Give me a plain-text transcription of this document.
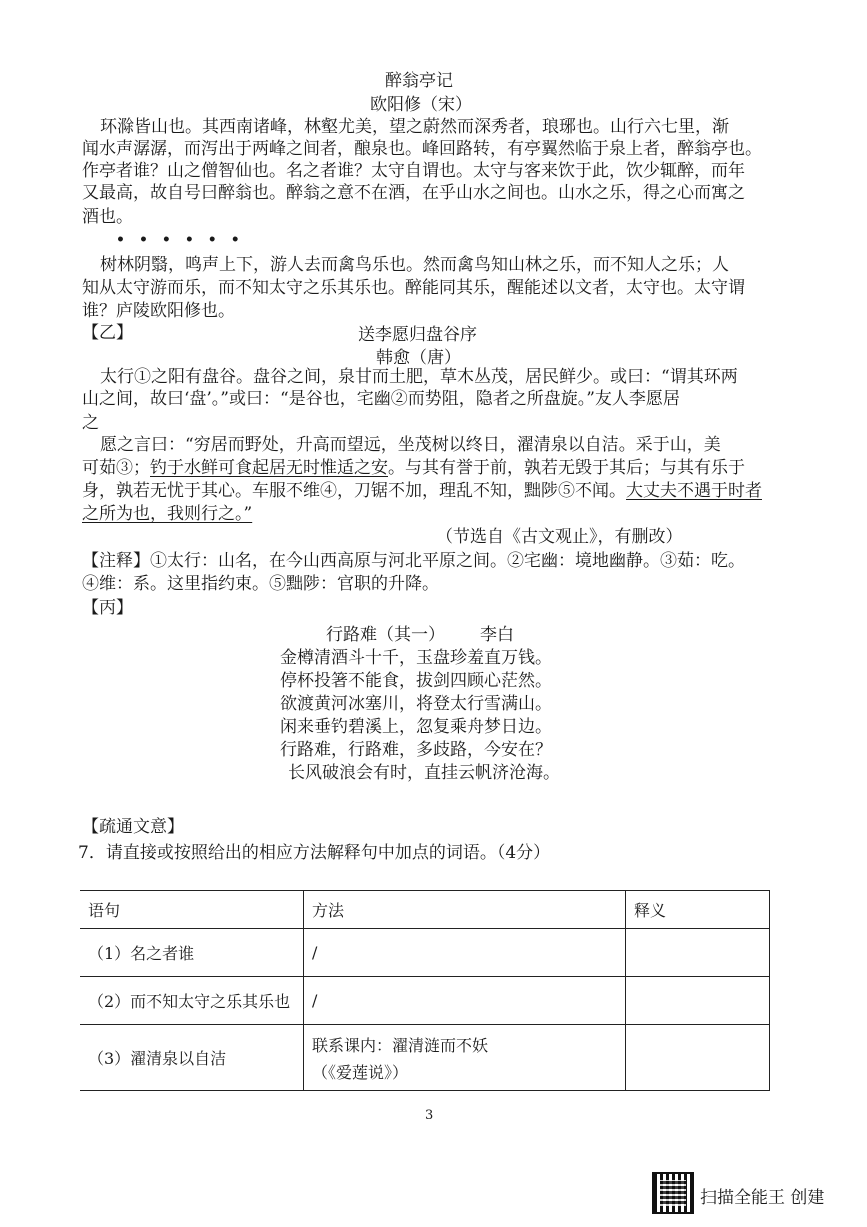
醉翁亭记

欧阳修（宋）

环滁皆山也。其西南诸峰，林壑尤美，望之蔚然而深秀者，琅琊也。山行六七里，渐

闻水声潺潺，而泻出于两峰之间者，酿泉也。峰回路转，有亭翼然临于泉上者，醉翁亭也。

作亭者谁？山之僧智仙也。名之者谁？太守自谓也。太守与客来饮于此，饮少辄醉，而年

又最高，故自号曰醉翁也。醉翁之意不在酒，在乎山水之间也。山水之乐，得之心而寓之

酒也。

••••••

树林阴翳，鸣声上下，游人去而禽鸟乐也。然而禽鸟知山林之乐，而不知人之乐；人

知从太守游而乐，而不知太守之乐其乐也。醉能同其乐，醒能述以文者，太守也。太守谓

谁？庐陵欧阳修也。

【乙】	送李愿归盘谷序

韩愈（唐）

太行①之阳有盘谷。盘谷之间，泉甘而土肥，草木丛茂，居民鲜少。或曰：“谓其环两

山之间，故曰‘盘’。”或曰：“是谷也，宅幽②而势阻，隐者之所盘旋。”友人李愿居

之

愿之言曰：“穷居而野处，升高而望远，坐茂树以终日，濯清泉以自洁。采于山，美

可茹③；钓于水鲜可食起居无时惟适之安。与其有誉于前，孰若无毁于其后；与其有乐于

身，孰若无忧于其心。车服不维④，刀锯不加，理乱不知，黜陟⑤不闻。大丈夫不遇于时者

之所为也，我则行之。”

（节选自《古文观止》，有删改）

【注释】①太行：山名，在今山西高原与河北平原之间。②宅幽：境地幽静。③茹：吃。

④维：系。这里指约束。⑤黜陟：官职的升降。

【丙】

行路难（其一） 李白

金樽清酒斗十千，玉盘珍羞直万钱。

停杯投箸不能食，拔剑四顾心茫然。

欲渡黄河冰塞川，将登太行雪满山。

闲来垂钓碧溪上，忽复乘舟梦日边。

行路难，行路难，多歧路，今安在？

长风破浪会有时，直挂云帆济沧海。

【疏通文意】

7．请直接或按照给出的相应方法解释句中加点的词语。（4分）

语句	方法	释义
（1）名之者谁	/	
（2）而不知太守之乐其乐也	/	
（3）濯清泉以自洁	联系课内：濯清涟而不妖
（《爱莲说》）	

3

扫描全能王 创建
